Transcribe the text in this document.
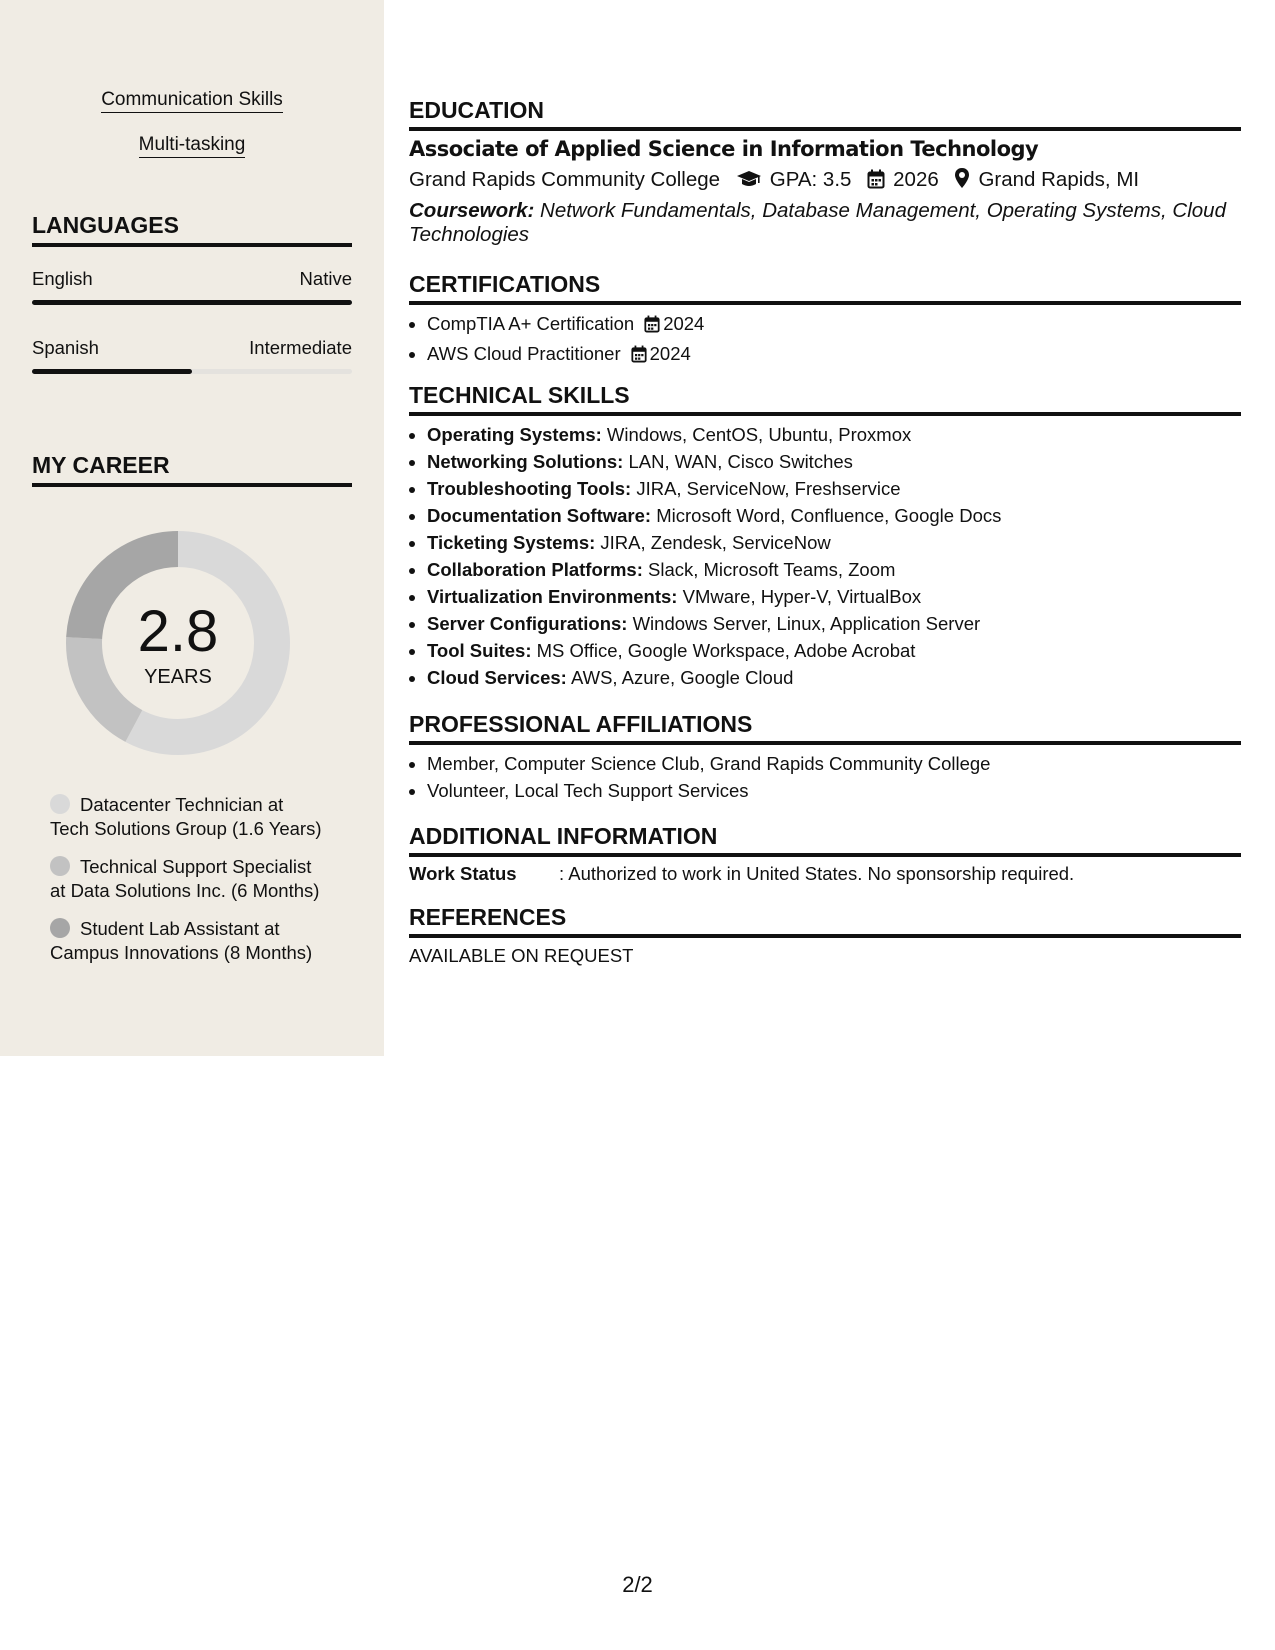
Communication Skills
Multi-tasking
LANGUAGES
English	Native
Spanish	Intermediate
MY CAREER
2.8
YEARS
Datacenter Technician at
Tech Solutions Group (1.6 Years)
Technical Support Specialist
at Data Solutions Inc. (6 Months)
Student Lab Assistant at
Campus Innovations (8 Months)
EDUCATION
Associate of Applied Science in Information Technology
Grand Rapids Community College GPA: 3.5 2026 Grand Rapids, MI
Coursework: Network Fundamentals, Database Management, Operating Systems, Cloud Technologies
CERTIFICATIONS
• CompTIA A+ Certification 2024
• AWS Cloud Practitioner 2024
TECHNICAL SKILLS
• Operating Systems: Windows, CentOS, Ubuntu, Proxmox
• Networking Solutions: LAN, WAN, Cisco Switches
• Troubleshooting Tools: JIRA, ServiceNow, Freshservice
• Documentation Software: Microsoft Word, Confluence, Google Docs
• Ticketing Systems: JIRA, Zendesk, ServiceNow
• Collaboration Platforms: Slack, Microsoft Teams, Zoom
• Virtualization Environments: VMware, Hyper-V, VirtualBox
• Server Configurations: Windows Server, Linux, Application Server
• Tool Suites: MS Office, Google Workspace, Adobe Acrobat
• Cloud Services: AWS, Azure, Google Cloud
PROFESSIONAL AFFILIATIONS
• Member, Computer Science Club, Grand Rapids Community College
• Volunteer, Local Tech Support Services
ADDITIONAL INFORMATION
Work Status : Authorized to work in United States. No sponsorship required.
REFERENCES
AVAILABLE ON REQUEST
2/2
